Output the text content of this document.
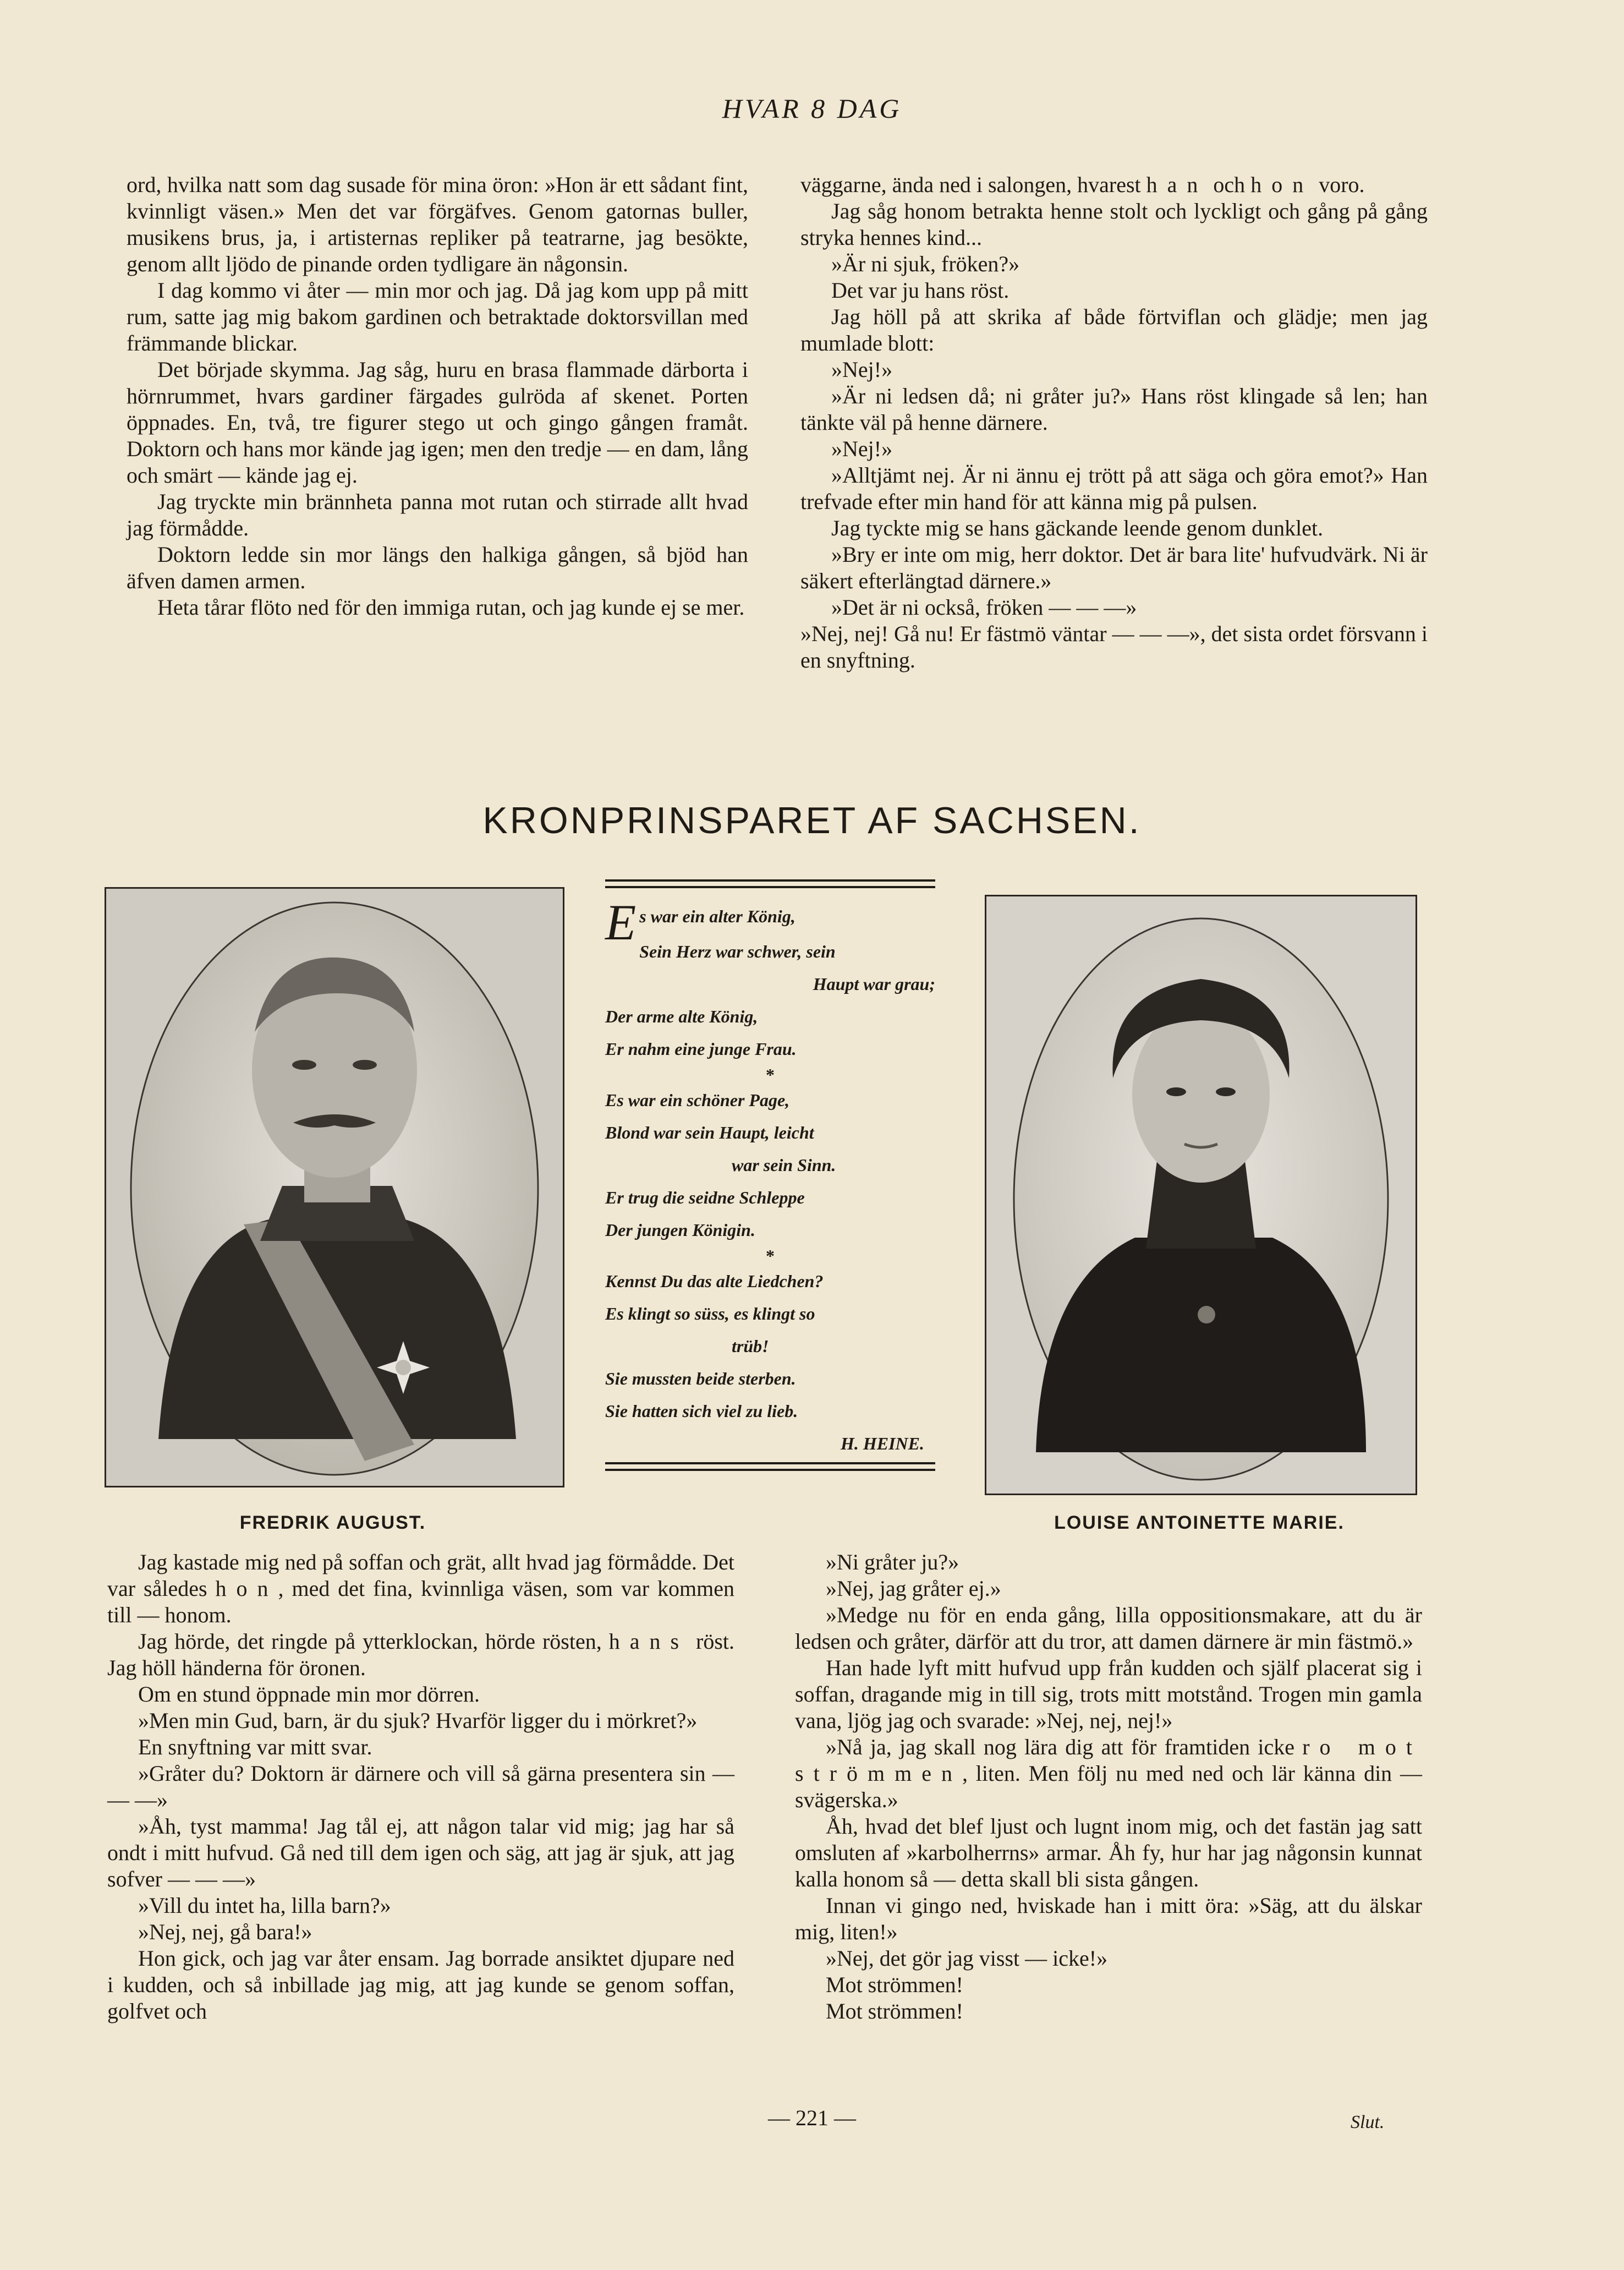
HVAR 8 DAG

ord, hvilka natt som dag susade för mina öron: »Hon är ett sådant fint, kvinnligt väsen.» Men det var förgäfves. Genom gatornas buller, musikens brus, ja, i artisternas repliker på teatrarne, jag besökte, genom allt ljödo de pinande orden tydligare än någonsin.

I dag kommo vi åter — min mor och jag. Då jag kom upp på mitt rum, satte jag mig bakom gardinen och betraktade doktorsvillan med främmande blickar.

Det började skymma. Jag såg, huru en brasa flammade därborta i hörnrummet, hvars gardiner färgades gulröda af skenet. Porten öppnades. En, två, tre figurer stego ut och gingo gången framåt. Doktorn och hans mor kände jag igen; men den tredje — en dam, lång och smärt — kände jag ej.

Jag tryckte min brännheta panna mot rutan och stirrade allt hvad jag förmådde.

Doktorn ledde sin mor längs den halkiga gången, så bjöd han äfven damen armen.

Heta tårar flöto ned för den immiga rutan, och jag kunde ej se mer.

väggarne, ända ned i salongen, hvarest han och hon voro.

Jag såg honom betrakta henne stolt och lyckligt och gång på gång stryka hennes kind...

»Är ni sjuk, fröken?»

Det var ju hans röst.

Jag höll på att skrika af både förtviflan och glädje; men jag mumlade blott:

»Nej!»

»Är ni ledsen då; ni gråter ju?» Hans röst klingade så len; han tänkte väl på henne därnere.

»Nej!»

»Alltjämt nej. Är ni ännu ej trött på att säga och göra emot?» Han trefvade efter min hand för att känna mig på pulsen.

Jag tyckte mig se hans gäckande leende genom dunklet.

»Bry er inte om mig, herr doktor. Det är bara lite' hufvudvärk. Ni är säkert efterlängtad därnere.»

»Det är ni också, fröken — — —»

»Nej, nej! Gå nu! Er fästmö väntar — — —», det sista ordet försvann i en snyftning.

KRONPRINSPARET AF SACHSEN.
FREDRIK AUGUST.
Es war ein alter König,
Sein Herz war schwer, sein
Haupt war grau;
Der arme alte König,
Er nahm eine junge Frau.
*
Es war ein schöner Page,
Blond war sein Haupt, leicht
war sein Sinn.
Er trug die seidne Schleppe
Der jungen Königin.
*
Kennst Du das alte Liedchen?
Es klingt so süss, es klingt so
trüb!
Sie mussten beide sterben.
Sie hatten sich viel zu lieb.
H. HEINE.
LOUISE ANTOINETTE MARIE.

Jag kastade mig ned på soffan och grät, allt hvad jag förmådde. Det var således hon, med det fina, kvinnliga väsen, som var kommen till — honom.

Jag hörde, det ringde på ytterklockan, hörde rösten, hans röst. Jag höll händerna för öronen.

Om en stund öppnade min mor dörren.

»Men min Gud, barn, är du sjuk? Hvarför ligger du i mörkret?»

En snyftning var mitt svar.

»Gråter du? Doktorn är därnere och vill så gärna presentera sin — — —»

»Åh, tyst mamma! Jag tål ej, att någon talar vid mig; jag har så ondt i mitt hufvud. Gå ned till dem igen och säg, att jag är sjuk, att jag sofver — — —»

»Vill du intet ha, lilla barn?»

»Nej, nej, gå bara!»

Hon gick, och jag var åter ensam. Jag borrade ansiktet djupare ned i kudden, och så inbillade jag mig, att jag kunde se genom soffan, golfvet och

»Ni gråter ju?»

»Nej, jag gråter ej.»

»Medge nu för en enda gång, lilla oppositionsmakare, att du är ledsen och gråter, därför att du tror, att damen därnere är min fästmö.»

Han hade lyft mitt hufvud upp från kudden och själf placerat sig i soffan, dragande mig in till sig, trots mitt motstånd. Trogen min gamla vana, ljög jag och svarade: »Nej, nej, nej!»

»Nå ja, jag skall nog lära dig att för framtiden icke ro mot strömmen, liten. Men följ nu med ned och lär känna din — svägerska.»

Åh, hvad det blef ljust och lugnt inom mig, och det fastän jag satt omsluten af »karbolherrns» armar. Åh fy, hur har jag någonsin kunnat kalla honom så — detta skall bli sista gången.

Innan vi gingo ned, hviskade han i mitt öra: »Säg, att du älskar mig, liten!»

»Nej, det gör jag visst — icke!»

Mot strömmen!

Mot strömmen!

— 221 —	Slut.
